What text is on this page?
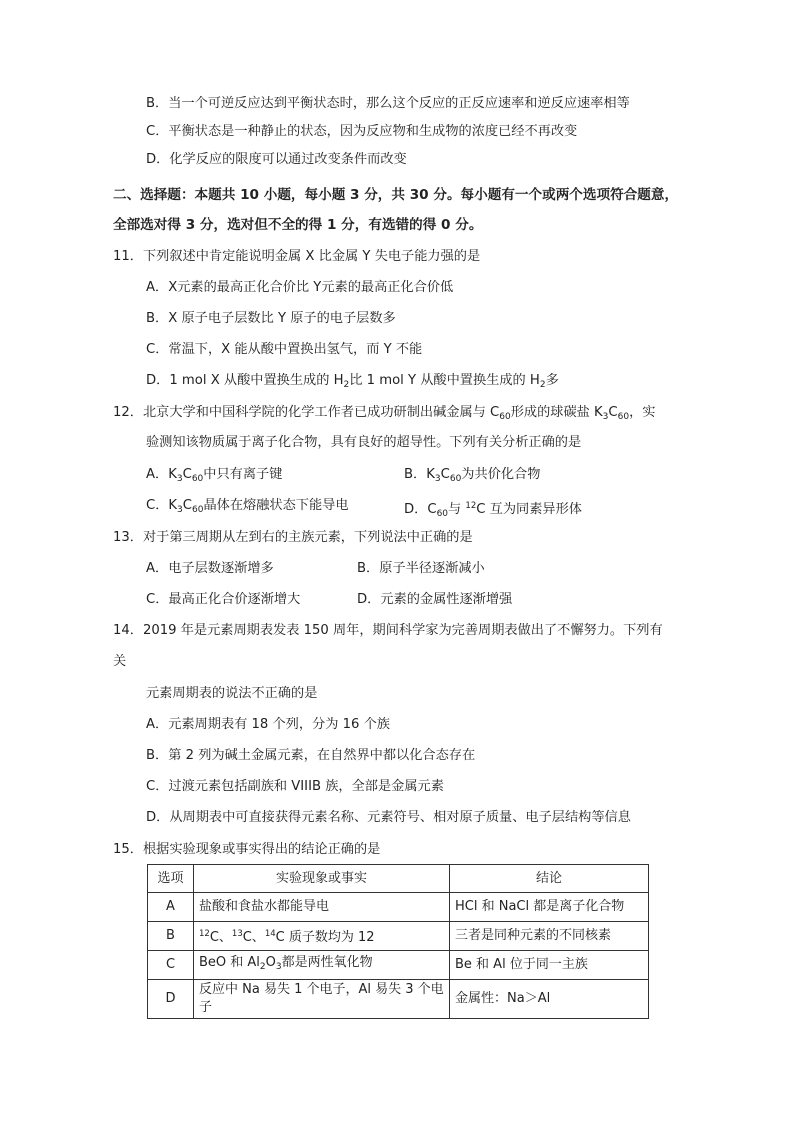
B．当一个可逆反应达到平衡状态时，那么这个反应的正反应速率和逆反应速率相等
C．平衡状态是一种静止的状态，因为反应物和生成物的浓度已经不再改变
D．化学反应的限度可以通过改变条件而改变
二、选择题：本题共 10 小题，每小题 3 分，共 30 分。每小题有一个或两个选项符合题意，
全部选对得 3 分，选对但不全的得 1 分，有选错的得 0 分。
11．下列叙述中肯定能说明金属 X 比金属 Y 失电子能力强的是
A．X元素的最高正化合价比 Y元素的最高正化合价低
B．X 原子电子层数比 Y 原子的电子层数多
C．常温下，X 能从酸中置换出氢气，而 Y 不能
D．1 mol X 从酸中置换生成的 $H_2$比 1 mol Y 从酸中置换生成的 $H_2$多
12．北京大学和中国科学院的化学工作者已成功研制出碱金属与 $C_{60}$形成的球碳盐 $K_3C_{60}$，实
验测知该物质属于离子化合物，具有良好的超导性。下列有关分析正确的是
A．$K_3C_{60}$中只有离子键	B．$K_3C_{60}$为共价化合物
C．$K_3C_{60}$晶体在熔融状态下能导电	D．$C_{60}$与 $^{12}$C 互为同素异形体
13．对于第三周期从左到右的主族元素，下列说法中正确的是
A．电子层数逐渐增多	B．原子半径逐渐减小
C．最高正化合价逐渐增大	D．元素的金属性逐渐增强
14．2019 年是元素周期表发表 150 周年，期间科学家为完善周期表做出了不懈努力。下列有
关
元素周期表的说法不正确的是
A．元素周期表有 18 个列，分为 16 个族
B．第 2 列为碱土金属元素，在自然界中都以化合态存在
C．过渡元素包括副族和 VIIIB 族，全部是金属元素
D．从周期表中可直接获得元素名称、元素符号、相对原子质量、电子层结构等信息
15．根据实验现象或事实得出的结论正确的是
选项	实验现象或事实	结论
A	盐酸和食盐水都能导电	HCl 和 NaCl 都是离子化合物
B	$^{12}$C、$^{13}$C、$^{14}$C 质子数均为 12	三者是同种元素的不同核素
C	BeO 和 $Al_2O_3$都是两性氧化物	Be 和 Al 位于同一主族
D	反应中 Na 易失 1 个电子，Al 易失 3 个电子	金属性：Na＞Al
